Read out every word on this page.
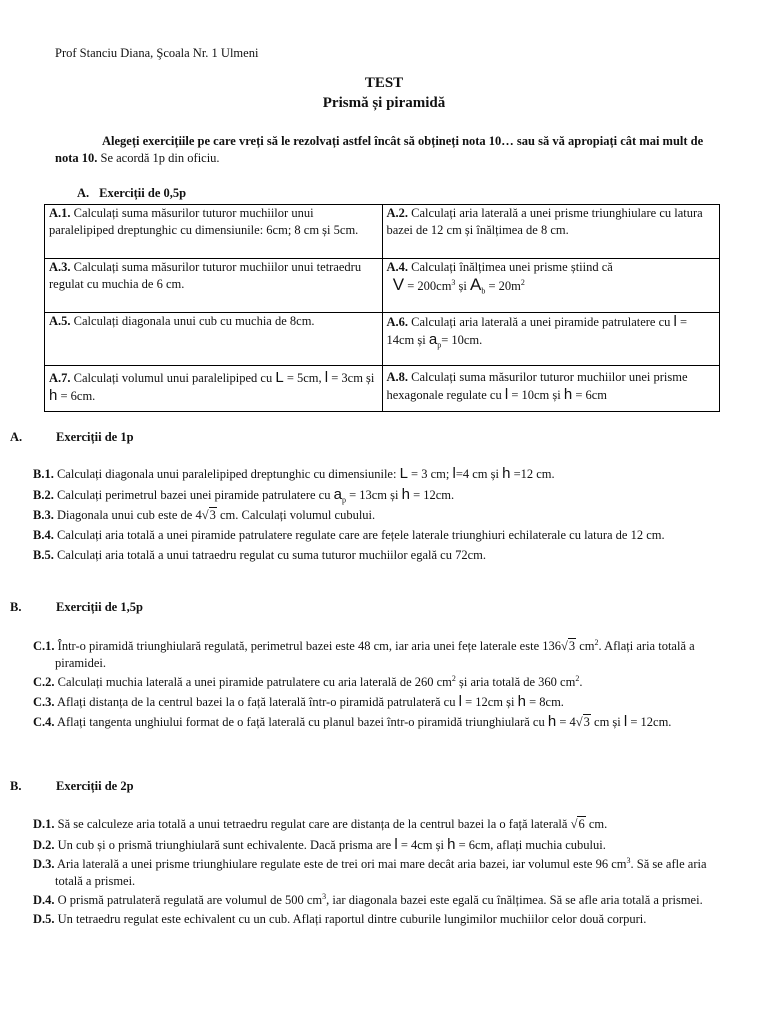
Prof Stanciu Diana, Şcoala Nr. 1 Ulmeni
TEST
Prismă și piramidă
Alegeți exercițiile pe care vreți să le rezolvați astfel încât să obțineți nota 10… sau să vă apropiați cât mai mult de nota 10. Se acordă 1p din oficiu.
A. Exerciții de 0,5p
A.1. Calculați suma măsurilor tuturor muchiilor unui paralelipiped dreptunghic cu dimensiunile: 6cm; 8 cm și 5cm.	A.2. Calculați aria laterală a unei prisme triunghiulare cu latura bazei de 12 cm și înălțimea de 8 cm.
A.3. Calculați suma măsurilor tuturor muchiilor unui tetraedru regulat cu muchia de 6 cm.	A.4. Calculați înălțimea unei prisme știind că
$V = 200cm^3$ și $A_b = 20m^2$
A.5. Calculați diagonala unui cub cu muchia de 8cm.	A.6. Calculați aria laterală a unei piramide patrulatere cu l = 14cm și $a_p= 10cm$.
A.7. Calculați volumul unui paralelipiped cu L = 5cm, l = 3cm și h = 6cm.	A.8. Calculați suma măsurilor tuturor muchiilor unei prisme hexagonale regulate cu l = 10cm și h = 6cm
A.	Exerciții de 1p
B.1. Calculați diagonala unui paralelipiped dreptunghic cu dimensiunile: L = 3 cm; l=4 cm și h =12 cm.
B.2. Calculați perimetrul bazei unei piramide patrulatere cu $a_p = 13cm$ și h = 12cm.
B.3. Diagonala unui cub este de 4√3 cm. Calculați volumul cubului.
B.4. Calculați aria totală a unei piramide patrulatere regulate care are fețele laterale triunghiuri echilaterale cu latura de 12 cm.
B.5. Calculați aria totală a unui tatraedru regulat cu suma tuturor muchiilor egală cu 72cm.
B.	Exerciții de 1,5p
C.1. Într-o piramidă triunghiulară regulată, perimetrul bazei este 48 cm, iar aria unei fețe laterale este 136√3 $cm^2$. Aflați aria totală a piramidei.
C.2. Calculați muchia laterală a unei piramide patrulatere cu aria laterală de 260 $cm^2$ și aria totală de 360 $cm^2$.
C.3. Aflați distanța de la centrul bazei la o față laterală într-o piramidă patrulateră cu l = 12cm și h = 8cm.
C.4. Aflați tangenta unghiului format de o față laterală cu planul bazei într-o piramidă triunghiulară cu h = 4√3 cm și l = 12cm.
B.	Exerciții de 2p
D.1. Să se calculeze aria totală a unui tetraedru regulat care are distanța de la centrul bazei la o față laterală √6 cm.
D.2. Un cub și o prismă triunghiulară sunt echivalente. Dacă prisma are l = 4cm și h = 6cm, aflați muchia cubului.
D.3. Aria laterală a unei prisme triunghiulare regulate este de trei ori mai mare decât aria bazei, iar volumul este 96 $cm^3$. Să se afle aria totală a prismei.
D.4. O prismă patrulateră regulată are volumul de 500 $cm^3$, iar diagonala bazei este egală cu înălțimea. Să se afle aria totală a prismei.
D.5. Un tetraedru regulat este echivalent cu un cub. Aflați raportul dintre cuburile lungimilor muchiilor celor două corpuri.
